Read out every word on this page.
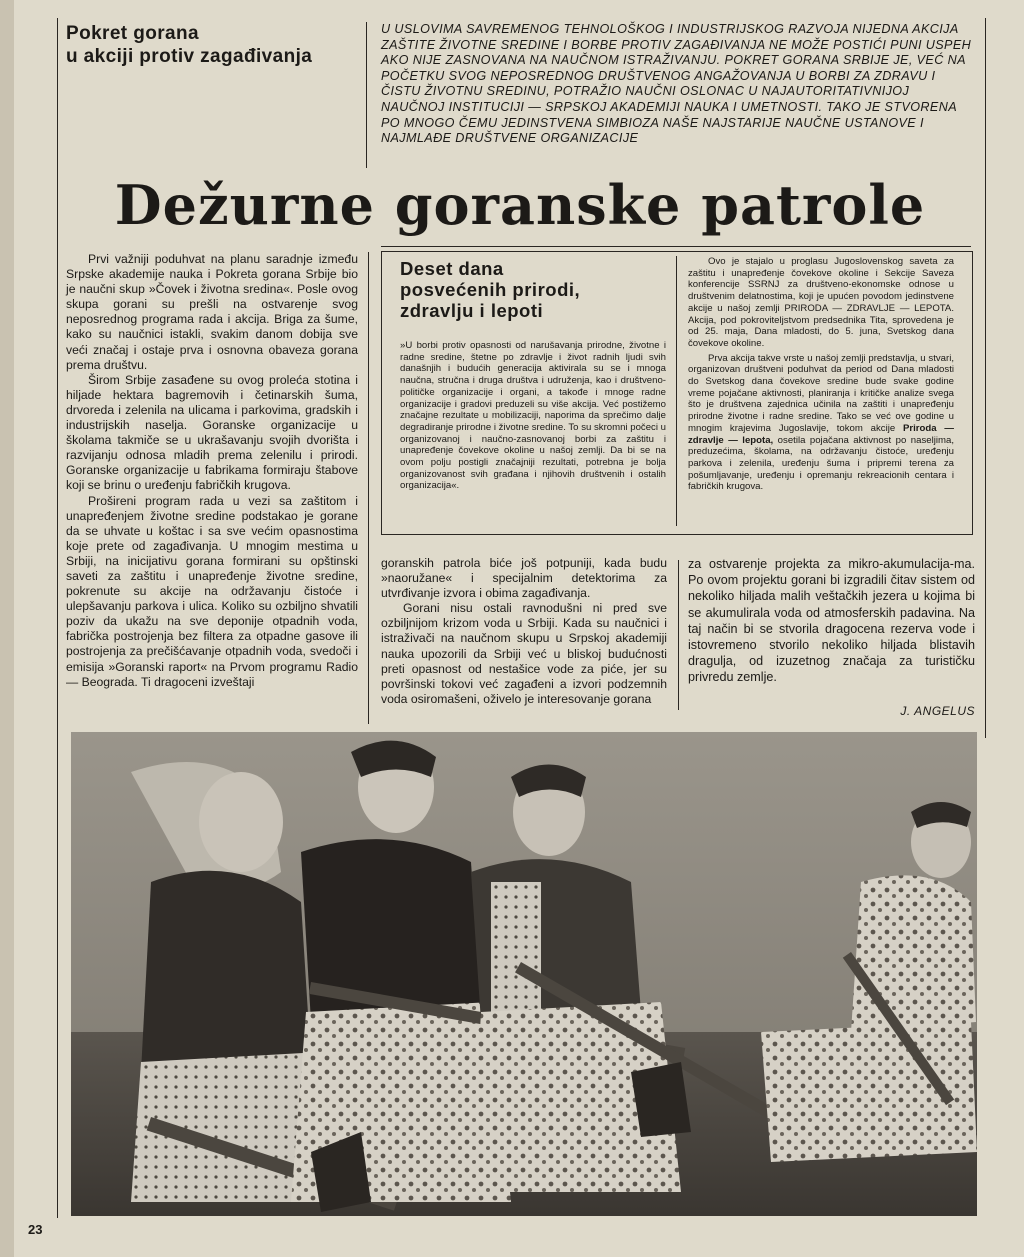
Pokret gorana
u akciji protiv zagađivanja
U USLOVIMA SAVREMENOG TEHNOLOŠKOG I INDUSTRIJSKOG RAZVOJA NIJEDNA AKCIJA ZAŠTITE ŽIVOTNE SREDINE I BORBE PROTIV ZAGAĐIVANJA NE MOŽE POSTIĆI PUNI USPEH AKO NIJE ZASNOVANA NA NAUČNOM ISTRAŽIVANJU. POKRET GORANA SRBIJE JE, VEĆ NA POČETKU SVOG NEPOSREDNOG DRUŠTVENOG ANGAŽOVANJA U BORBI ZA ZDRAVU I ČISTU ŽIVOTNU SREDINU, POTRAŽIO NAUČNI OSLONAC U NAJAUTORITATIVNIJOJ NAUČNOJ INSTITUCIJI — SRPSKOJ AKADEMIJI NAUKA I UMETNOSTI. TAKO JE STVORENA PO MNOGO ČEMU JEDINSTVENA SIMBIOZA NAŠE NAJSTARIJE NAUČNE USTANOVE I NAJMLAĐE DRUŠTVENE ORGANIZACIJE
Dežurne goranske patrole

Prvi važniji poduhvat na planu saradnje između Srpske akademije nauka i Pokreta gorana Srbije bio je naučni skup »Čovek i životna sredina«. Posle ovog skupa gorani su prešli na ostvarenje svog neposrednog programa rada i akcija. Briga za šume, kako su naučnici istakli, svakim danom dobija sve veći značaj i ostaje prva i osnovna obaveza gorana prema društvu.

Širom Srbije zasađene su ovog proleća stotina i hiljade hektara bagremovih i četinarskih šuma, drvoreda i zelenila na ulicama i parkovima, gradskih i industrijskih naselja. Goranske organizacije u školama takmiče se u ukrašavanju svojih dvorišta i razvijanju odnosa mladih prema zelenilu i prirodi. Goranske organizacije u fabrikama formiraju štabove koji se brinu o uređenju fabričkih krugova.

Prošireni program rada u vezi sa zaštitom i unapređenjem životne sredine podstakao je gorane da se uhvate u koštac i sa sve većim opasnostima koje prete od zagađivanja. U mnogim mestima u Srbiji, na inicijativu gorana formirani su opštinski saveti za zaštitu i unapređenje životne sredine, pokrenute su akcije na održavanju čistoće i ulepšavanju parkova i ulica. Koliko su ozbiljno shvatili poziv da ukažu na sve deponije otpadnih voda, fabrička postrojenja bez filtera za otpadne gasove ili postrojenja za prečišćavanje otpadnih voda, svedoči i emisija »Goranski raport« na Prvom programu Radio — Beograda. Ti dragoceni izveštaji

Deset dana

posvećenih prirodi,

zdravlju i lepoti

»U borbi protiv opasnosti od narušavanja prirodne, životne i radne sredine, štetne po zdravlje i život radnih ljudi svih današnjih i budućih generacija aktivirala su se i mnoga naučna, stručna i druga društva i udruženja, kao i društveno-političke organizacije i organi, a takođe i mnoge radne organizacije i gradovi preduzeli su više akcija. Već postižemo značajne rezultate u mobilizaciji, naporima da sprečimo dalje degradiranje prirodne i životne sredine. To su skromni počeci u organizovanoj i naučno-zasnovanoj borbi za zaštitu i unapređenje čovekove okoline u našoj zemlji. Da bi se na ovom polju postigli značajniji rezultati, potrebna je bolja organizovanost svih građana i njihovih društvenih i ostalih organizacija«.

Ovo je stajalo u proglasu Jugoslovenskog saveta za zaštitu i unapređenje čovekove okoline i Sekcije Saveza konferencije SSRNJ za društveno-ekonomske odnose u društvenim delatnostima, koji je upućen povodom jedinstvene akcije u našoj zemlji PRIRODA — ZDRAVLJE — LEPOTA. Akcija, pod pokroviteljstvom predsednika Tita, sprovedena je od 25. maja, Dana mladosti, do 5. juna, Svetskog dana čovekove okoline.

Prva akcija takve vrste u našoj zemlji predstavlja, u stvari, organizovan društveni poduhvat da period od Dana mladosti do Svetskog dana čovekove sredine bude svake godine vreme pojačane aktivnosti, planiranja i kritičke analize svega što je društvena zajednica učinila na zaštiti i unapređenju prirodne životne i radne sredine. Tako se već ove godine u mnogim krajevima Jugoslavije, tokom akcije Priroda — zdravlje — lepota, osetila pojačana aktivnost po naseljima, preduzećima, školama, na održavanju čistoće, uređenju parkova i zelenila, uređenju šuma i pripremi terena za pošumljavanje, uređenju i opremanju rekreacionih centara i fabričkih krugova.

goranskih patrola biće još potpuniji, kada budu »naoružane« i specijalnim detektorima za utvrđivanje izvora i obima zagađivanja.

Gorani nisu ostali ravnodušni ni pred sve ozbiljnijom krizom voda u Srbiji. Kada su naučnici i istraživači na naučnom skupu u Srpskoj akademiji nauka upozorili da Srbiji već u bliskoj budućnosti preti opasnost od nestašice vode za piće, jer su površinski tokovi već zagađeni a izvori podzemnih voda osiromašeni, oživelo je interesovanje gorana

za ostvarenje projekta za mikro-akumulacija-ma. Po ovom projektu gorani bi izgradili čitav sistem od nekoliko hiljada malih veštačkih jezera u kojima bi se akumulirala voda od atmosferskih padavina. Na taj način bi se stvorila dragocena rezerva vode i istovremeno stvorilo nekoliko hiljada blistavih dragulja, od izuzetnog značaja za turističku privredu zemlje.

J. ANGELUS
23
